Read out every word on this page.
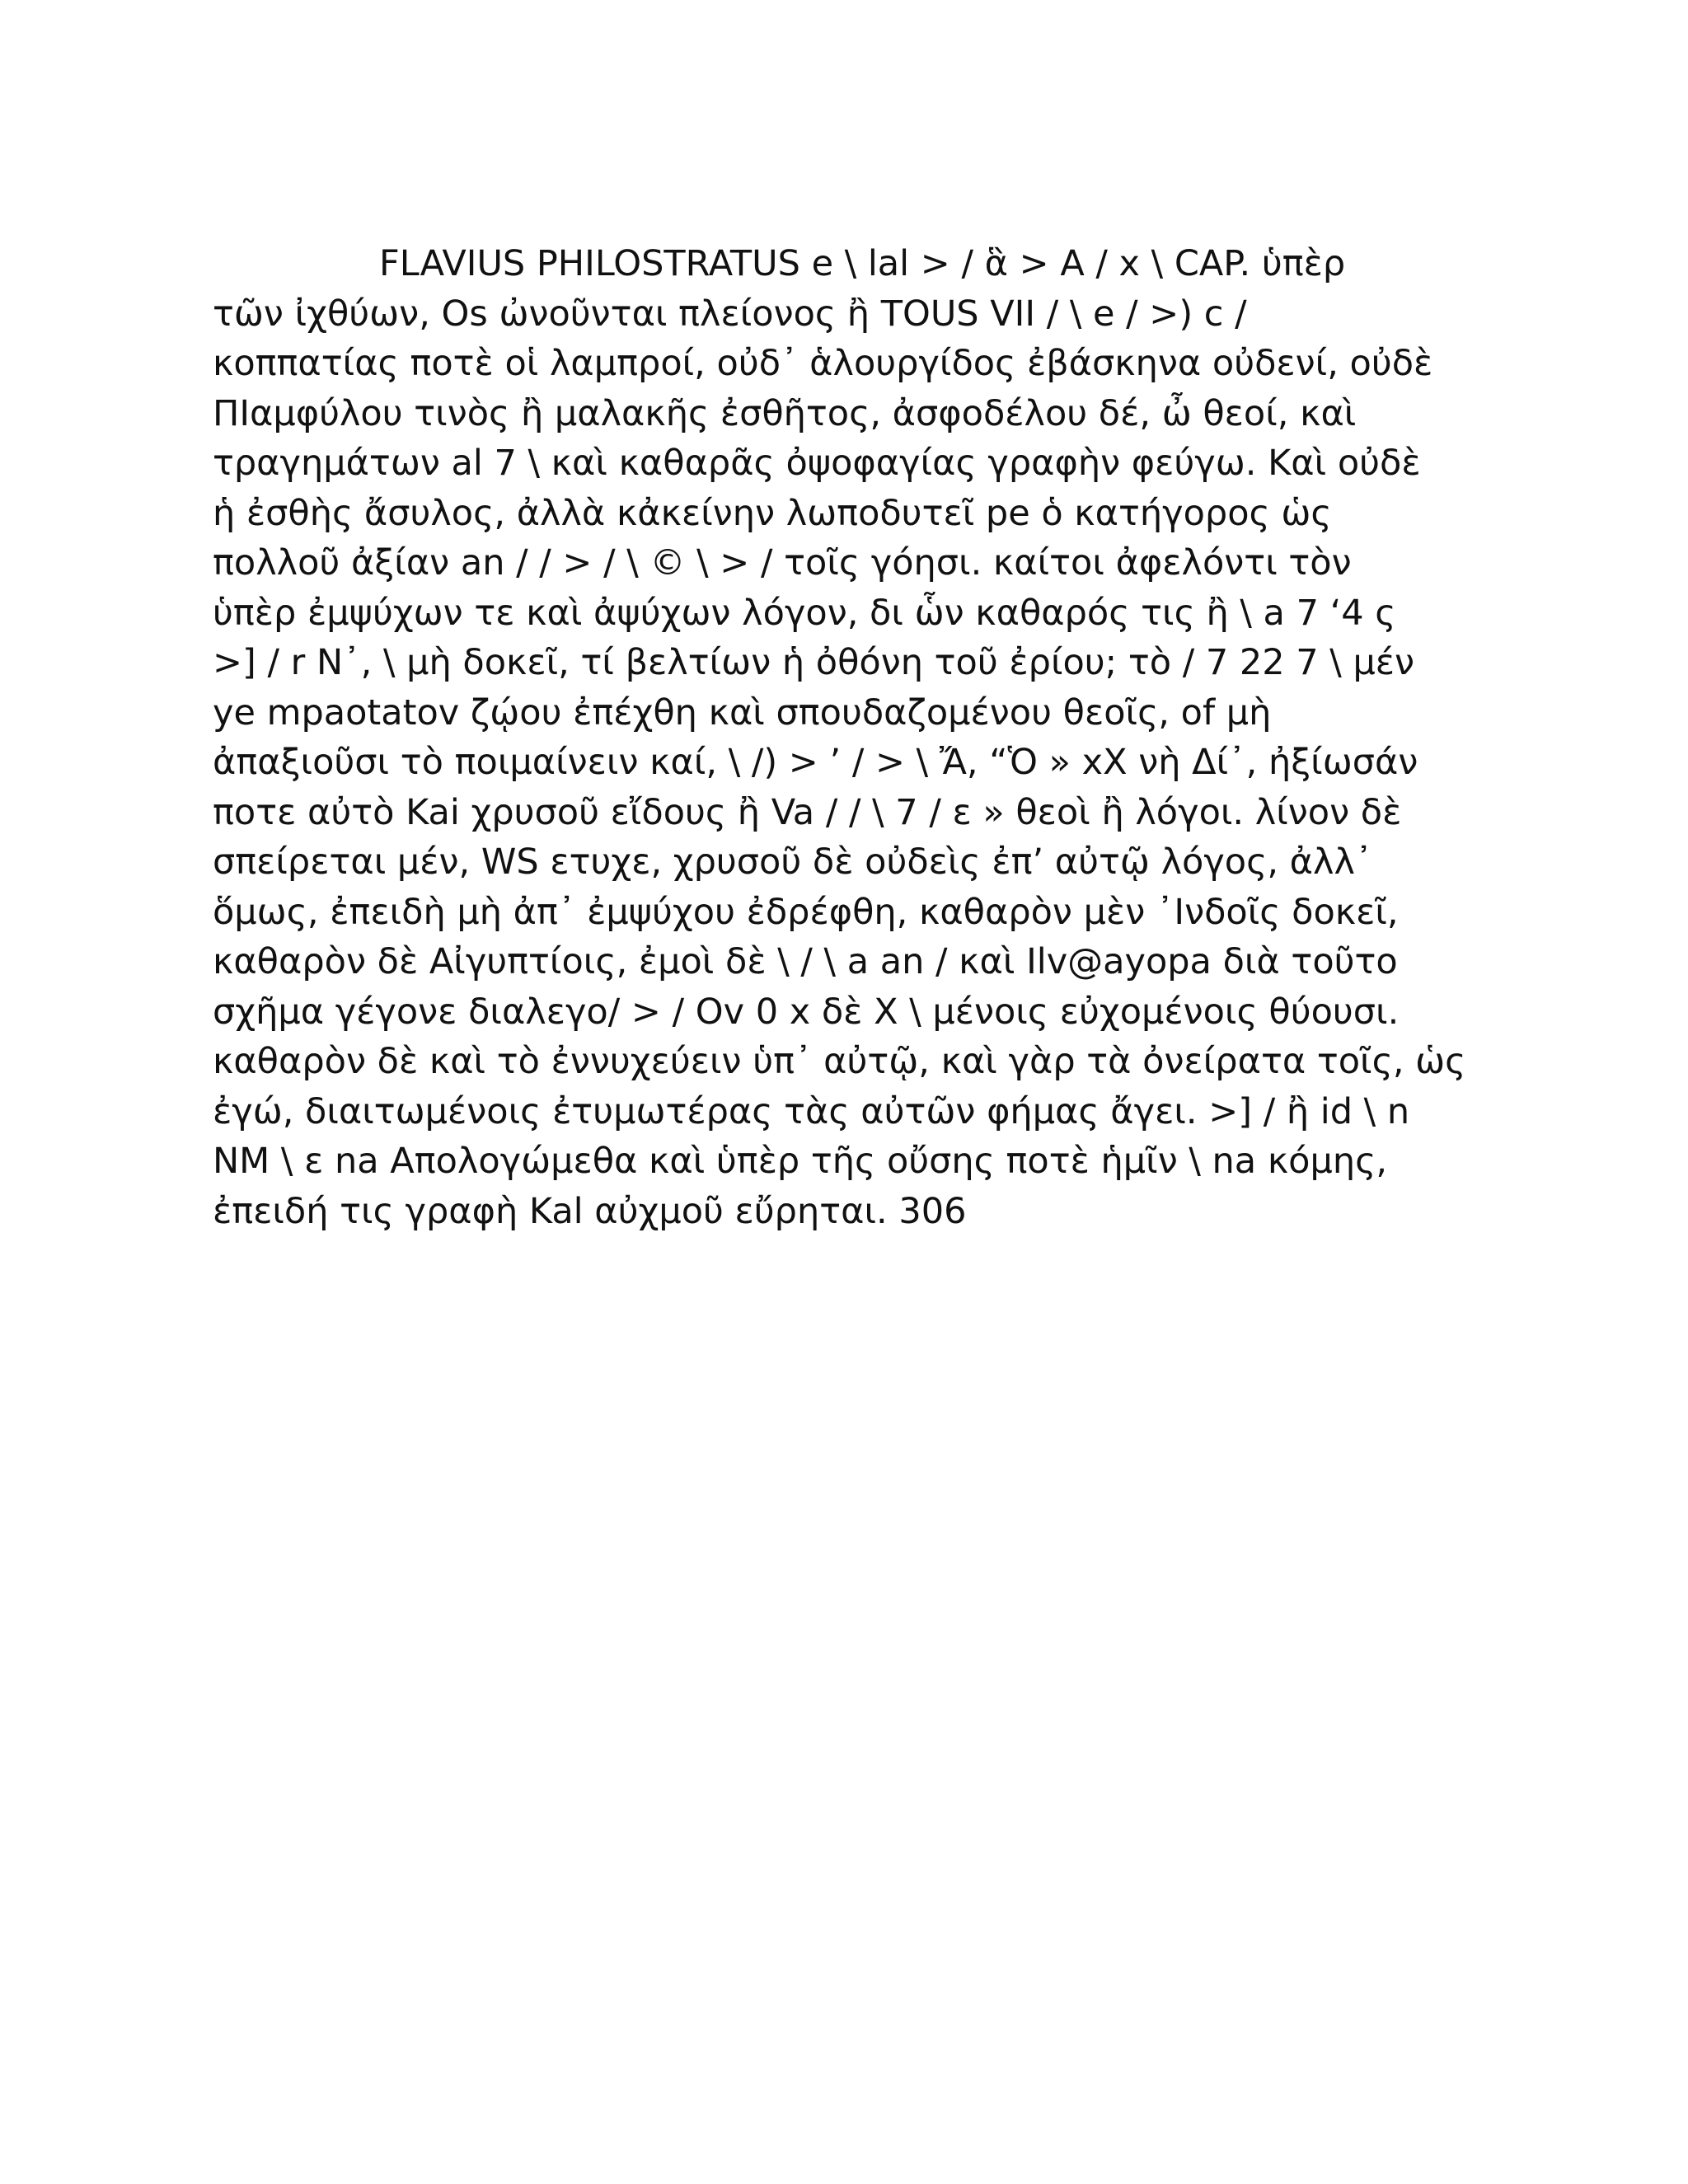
FLAVIUS PHILOSTRATUS e \ lal > / ἃ > A / x \ CAP. ὑπὲρ
τῶν ἰχθύων, Os ὠνοῦνται πλείονος ἢ TOUS VII / \ e / >) c /
κοππατίας ποτὲ οἱ λαμπροί, οὐδ᾽ ἁλουργίδος ἐβάσκηνα οὐδενί, οὐδὲ
ΠΙαμφύλου τινὸς ἢ μαλακῆς ἐσθῆτος, ἀσφοδέλου δέ, ὦ θεοί, καὶ
τραγημάτων al 7 \ καὶ καθαρᾶς ὀψοφαγίας γραφὴν φεύγω. Καὶ οὐδὲ
ἡ ἐσθὴς ἄσυλος, ἀλλὰ κἀκείνην λωποδυτεῖ pe ὁ κατήγορος ὡς
πολλοῦ ἀξίαν an / / > / \ © \ > / τοῖς γόησι. καίτοι ἀφελόντι τὸν
ὑπὲρ ἐμψύχων τε καὶ ἀψύχων λόγον, δι ὧν καθαρός τις ἢ \ a 7 ‘4 ς
>] / r N᾽, \ μὴ δοκεῖ, τί βελτίων ἡ ὀθόνη τοῦ ἐρίου; τὸ / 7 22 7 \ μέν
ye mpaotatov ζῴου ἐπέχθη καὶ σπουδαζομένου θεοῖς, of μὴ
ἀπαξιοῦσι τὸ ποιμαίνειν καί, \ /) > ’ / > \ Ἄ, “Ὁ » xX νὴ Δί᾽, ἠξίωσάν
ποτε αὐτὸ Kai χρυσοῦ εἴδους ἢ Va / / \ 7 / ε » θεοὶ ἢ λόγοι. λίνον δὲ
σπείρεται μέν, WS ετυχε, χρυσοῦ δὲ οὐδεὶς ἐπ’ αὐτῷ λόγος, ἀλλ᾽
ὅμως, ἐπειδὴ μὴ ἀπ᾽ ἐμψύχου ἐδρέφθη, καθαρὸν μὲν ᾿Ινδοῖς δοκεῖ,
καθαρὸν δὲ Αἰγυπτίοις, ἐμοὶ δὲ \ / \ a an / καὶ Ilv@ayopa διὰ τοῦτο
σχῆμα γέγονε διαλεγο/ > / Ov 0 x δὲ X \ μένοις εὐχομένοις θύουσι.
καθαρὸν δὲ καὶ τὸ ἐννυχεύειν ὑπ᾽ αὐτῷ, καὶ γὰρ τὰ ὀνείρατα τοῖς, ὡς
ἐγώ, διαιτωμένοις ἐτυμωτέρας τὰς αὐτῶν φήμας ἄγει. >] / ἢ id \ n
NM \ ε na Απολογώμεθα καὶ ὑπὲρ τῆς οὔσης ποτὲ ἡμῖν \ na κόμης,
ἐπειδή τις γραφὴ Kal αὐχμοῦ εὔρηται. 306
